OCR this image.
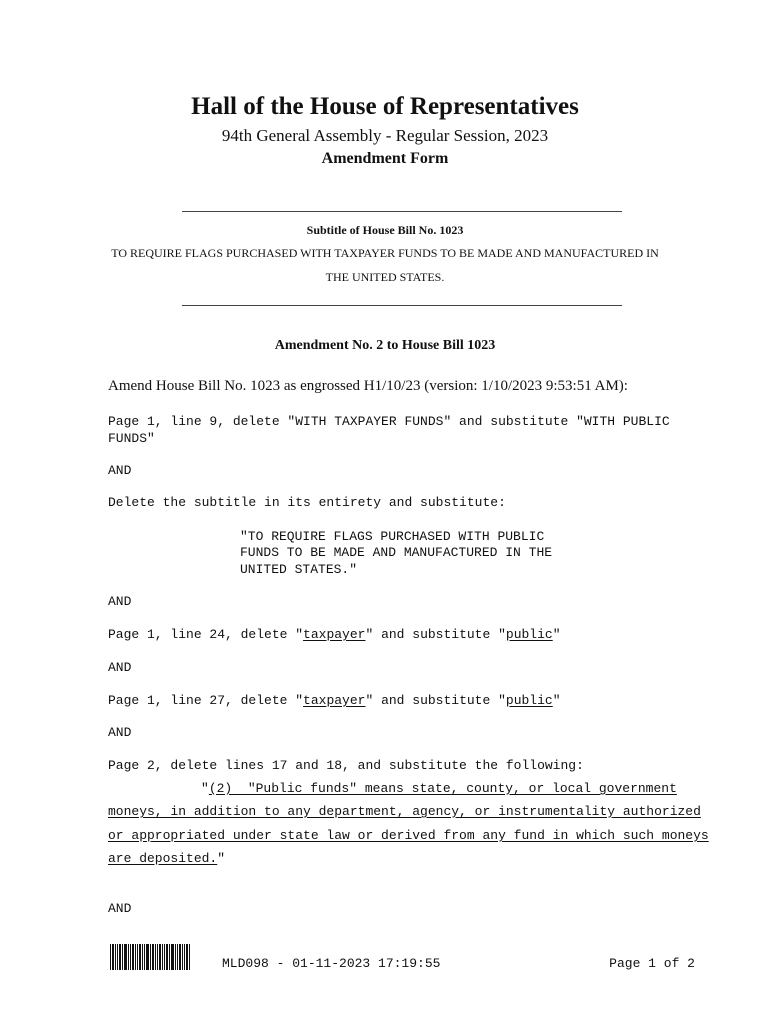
Hall of the House of Representatives
94th General Assembly - Regular Session, 2023
Amendment Form
Subtitle of House Bill No. 1023
TO REQUIRE FLAGS PURCHASED WITH TAXPAYER FUNDS TO BE MADE AND MANUFACTURED IN
THE UNITED STATES.
Amendment No. 2 to House Bill 1023
Amend House Bill No. 1023 as engrossed H1/10/23 (version: 1/10/2023 9:53:51 AM):
Page 1, line 9, delete "WITH TAXPAYER FUNDS" and substitute "WITH PUBLIC
FUNDS"
AND
Delete the subtitle in its entirety and substitute:
"TO REQUIRE FLAGS PURCHASED WITH PUBLIC
FUNDS TO BE MADE AND MANUFACTURED IN THE
UNITED STATES."
AND
Page 1, line 24, delete "taxpayer" and substitute "public"
AND
Page 1, line 27, delete "taxpayer" and substitute "public"
AND
Page 2, delete lines 17 and 18, and substitute the following:
"(2)  "Public funds" means state, county, or local government
moneys, in addition to any department, agency, or instrumentality authorized
or appropriated under state law or derived from any fund in which such moneys
are deposited."
AND
MLD098 - 01-11-2023 17:19:55	Page 1 of 2
